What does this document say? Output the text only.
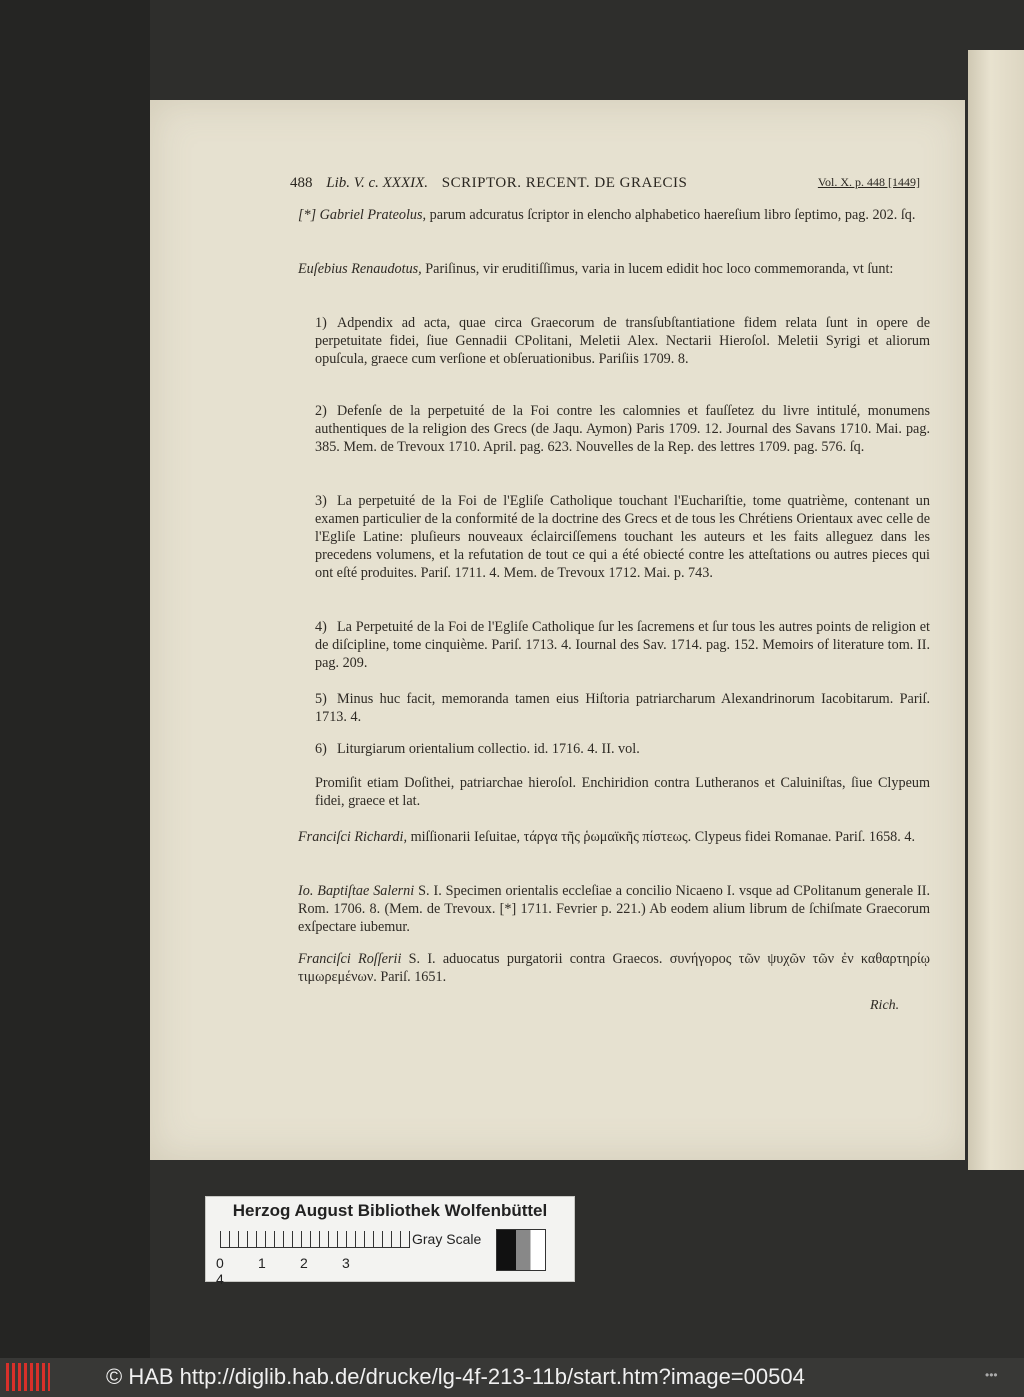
488 Lib. V. c. XXXIX. SCRIPTOR. RECENT. DE GRAECIS	Vol. X. p. 448 [1449]
[*] Gabriel Prateolus, parum adcuratus ſcriptor in elencho alphabetico haereſium libro ſeptimo, pag. 202. ſq.
Euſebius Renaudotus, Pariſinus, vir eruditiſſimus, varia in lucem edidit hoc loco commemoranda, vt ſunt:
1) Adpendix ad acta, quae circa Graecorum de transſubſtantiatione fidem relata ſunt in opere de perpetuitate fidei, ſiue Gennadii CPolitani, Meletii Alex. Nectarii Hieroſol. Meletii Syrigi et aliorum opuſcula, graece cum verſione et obſeruationibus. Pariſiis 1709. 8.
2) Defenſe de la perpetuité de la Foi contre les calomnies et fauſſetez du livre intitulé, monumens authentiques de la religion des Grecs (de Jaqu. Aymon) Paris 1709. 12. Journal des Savans 1710. Mai. pag. 385. Mem. de Trevoux 1710. April. pag. 623. Nouvelles de la Rep. des lettres 1709. pag. 576. ſq.
3) La perpetuité de la Foi de l'Egliſe Catholique touchant l'Euchariſtie, tome quatrième, contenant un examen particulier de la conformité de la doctrine des Grecs et de tous les Chrétiens Orientaux avec celle de l'Egliſe Latine: pluſieurs nouveaux éclairciſſemens touchant les auteurs et les faits alleguez dans les precedens volumens, et la refutation de tout ce qui a été obiecté contre les atteſtations ou autres pieces qui ont eſté produites. Pariſ. 1711. 4. Mem. de Trevoux 1712. Mai. p. 743.
4) La Perpetuité de la Foi de l'Egliſe Catholique ſur les ſacremens et ſur tous les autres points de religion et de diſcipline, tome cinquième. Pariſ. 1713. 4. Iournal des Sav. 1714. pag. 152. Memoirs of literature tom. II. pag. 209.
5) Minus huc facit, memoranda tamen eius Hiſtoria patriarcharum Alexandrinorum Iacobitarum. Pariſ. 1713. 4.
6) Liturgiarum orientalium collectio. id. 1716. 4. II. vol.
Promiſit etiam Doſithei, patriarchae hieroſol. Enchiridion contra Lutheranos et Caluiniſtas, ſiue Clypeum fidei, graece et lat.
Franciſci Richardi, miſſionarii Ieſuitae, τάργα τῆς ῥωμαϊκῆς πίστεως. Clypeus fidei Romanae. Pariſ. 1658. 4.
Io. Baptiſtae Salerni S. I. Specimen orientalis eccleſiae a concilio Nicaeno I. vsque ad CPolitanum generale II. Rom. 1706. 8. (Mem. de Trevoux. [*] 1711. Fevrier p. 221.) Ab eodem alium librum de ſchiſmate Graecorum exſpectare iubemur.
Franciſci Roſſerii S. I. aduocatus purgatorii contra Graecos. συνήγορος τῶν ψυχῶν τῶν ἐν καθαρτηρίῳ τιμωρεμένων. Pariſ. 1651.
Rich.
Herzog August Bibliothek Wolfenbüttel
0 1 2 34
Gray Scale
© HAB http://diglib.hab.de/drucke/lg-4f-213-11b/start.htm?image=00504	•••
